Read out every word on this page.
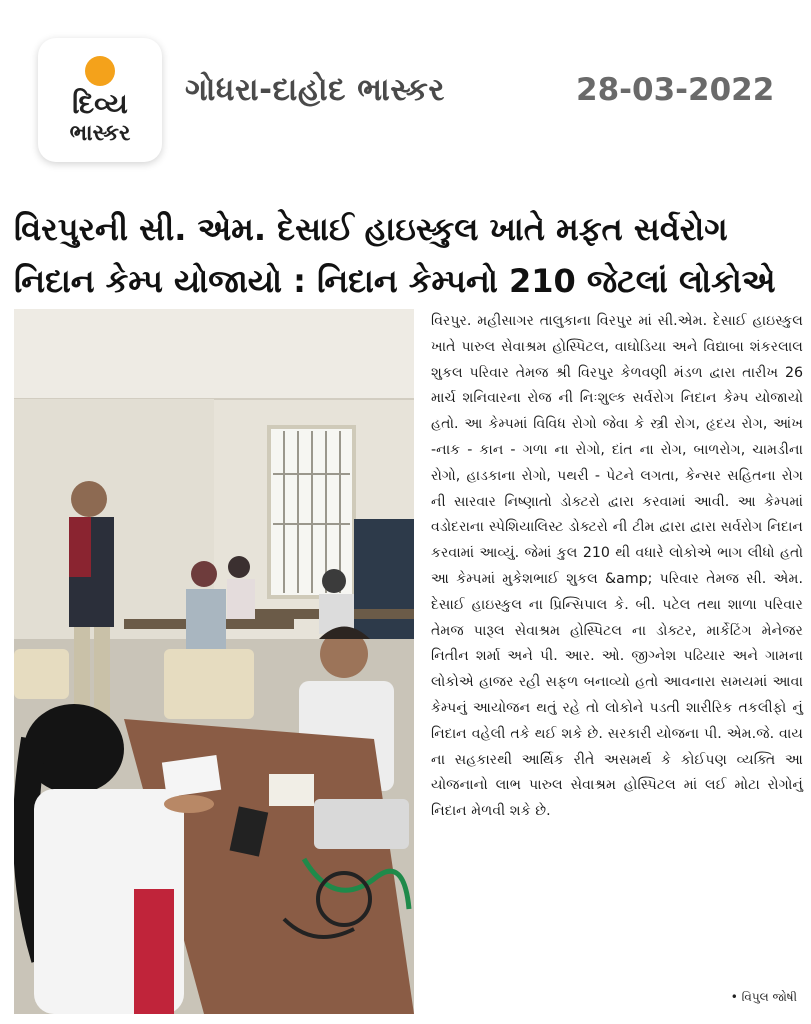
દિવ્ય
ભાસ્કર
ગોધરા-દાહોદ ભાસ્કર	28-03-2022
વિરપુરની સી. એમ. દેસાઈ હાઇસ્કુલ ખાતે મફત સર્વરોગ નિદાન કેમ્પ યોજાયો : નિદાન કેમ્પનો 210 જેટલાં લોકોએ

વિરપુર. મહીસાગર તાલુકાના વિરપુર માં સી.એમ. દેસાઈ હાઇસ્કુલ ખાતે પારુલ સેવાશ્રમ હોસ્પિટલ, વાઘોડિયા અને વિદ્યાબા શંકરલાલ શુકલ પરિવાર તેમજ શ્રી વિરપુર કેળવણી મંડળ દ્વારા તારીખ 26 માર્ચ શનિવારના રોજ ની નિઃશુલ્ક સર્વરોગ નિદાન કેમ્પ યોજાયો હતો. આ કેમ્પમાં વિવિધ રોગો જેવા કે સ્ત્રી રોગ, હૃદય રોગ, આંખ -નાક - કાન - ગળા ના રોગો, દાંત ના રોગ, બાળરોગ, ચામડીના રોગો, હાડકાના રોગો, પથરી - પેટને લગતા, કેન્સર સહિતના રોગ ની સારવાર નિષ્ણાતો ડોક્ટરો દ્વારા કરવામાં આવી. આ કેમ્પમાં વડોદરાના સ્પેશિયાલિસ્ટ ડોક્ટરો ની ટીમ દ્વારા દ્વારા સર્વરોગ નિદાન કરવામાં આવ્યું. જેમાં કુલ 210 થી વધારે લોકોએ ભાગ લીધો હતો આ કેમ્પમાં મુકેશભાઈ શુકલ &amp; પરિવાર તેમજ સી. એમ. દેસાઈ હાઇસ્કુલ ના પ્રિન્સિપાલ કે. બી. પટેલ તથા શાળા પરિવાર તેમજ પારૂલ સેવાશ્રમ હોસ્પિટલ ના ડોક્ટર, માર્કેટિંગ મેનેજર નિતીન શર્મા અને પી. આર. ઓ. જીગ્નેશ પઢિયાર અને ગામના લોકોએ હાજર રહી સફળ બનાવ્યો હતો આવનારા સમયમાં આવા કેમ્પનું આયોજન થતું રહે તો લોકોને પડતી શારીરિક તકલીફો નું નિદાન વહેલી તકે થઈ શકે છે. સરકારી યોજના પી. એમ.જે. વાય ના સહકારથી આર્થિક રીતે અસમર્થ કે કોઈપણ વ્યક્તિ આ યોજનાનો લાભ પારુલ સેવાશ્રમ હોસ્પિટલ માં લઈ મોટા રોગોનું નિદાન મેળવી શકે છે.

• વિપુલ જોષી
